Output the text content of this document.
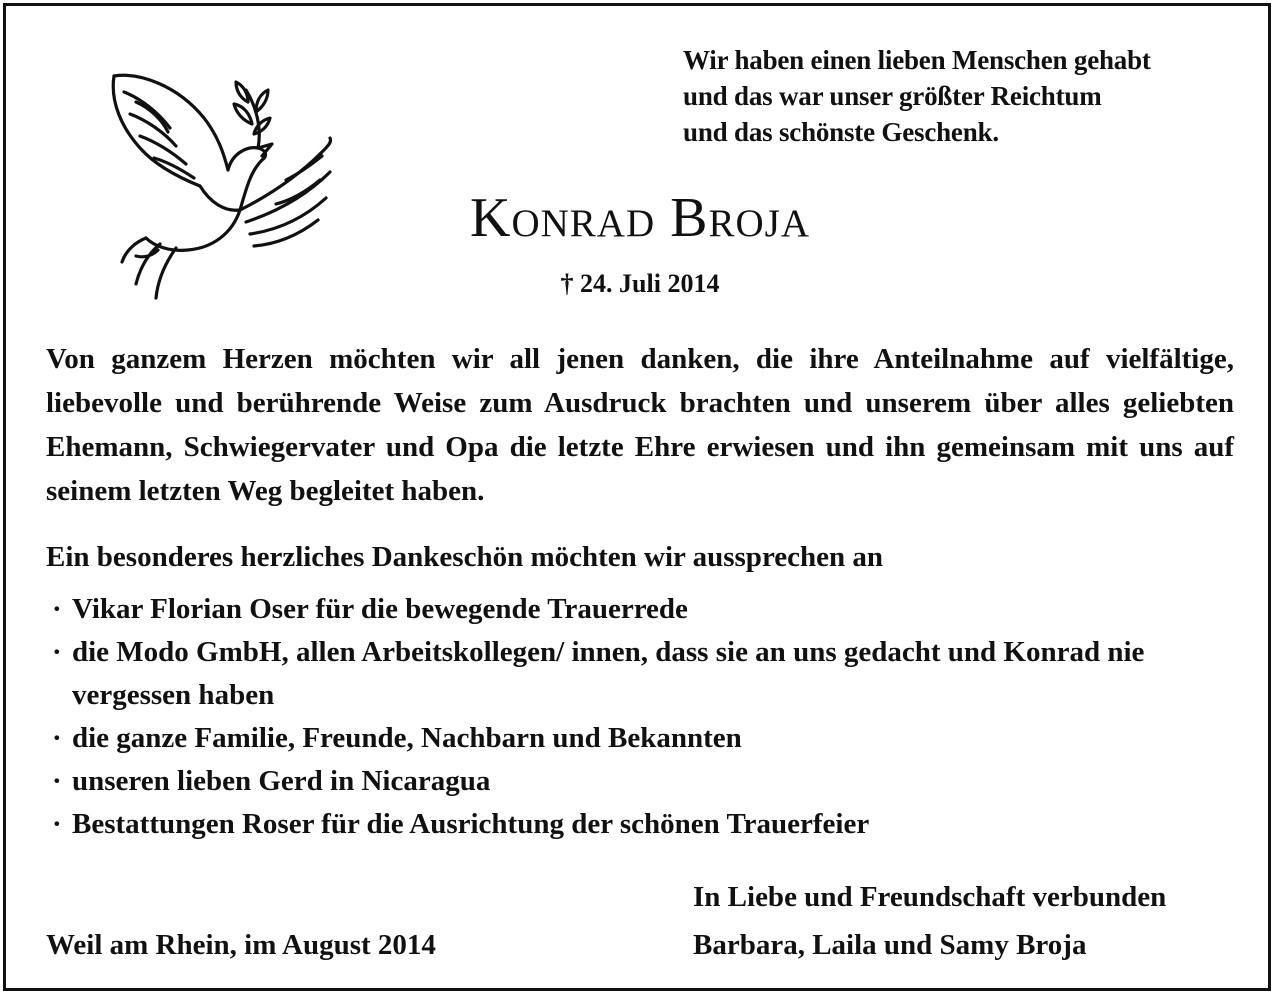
Wir haben einen lieben Menschen gehabt
und das war unser größter Reichtum
und das schönste Geschenk.
Konrad Broja
† 24. Juli 2014
Von ganzem Herzen möchten wir all jenen danken, die ihre Anteilnahme auf vielfältige, liebevolle und berührende Weise zum Ausdruck brachten und unserem über alles geliebten Ehemann, Schwiegervater und Opa die letzte Ehre erwiesen und ihn gemeinsam mit uns auf seinem letzten Weg begleitet haben.
Ein besonderes herzliches Dankeschön möchten wir aussprechen an
· Vikar Florian Oser für die bewegende Trauerrede
· die Modo GmbH, allen Arbeitskollegen/ innen, dass sie an uns gedacht und Konrad nie vergessen haben
· die ganze Familie, Freunde, Nachbarn und Bekannten
· unseren lieben Gerd in Nicaragua
· Bestattungen Roser für die Ausrichtung der schönen Trauerfeier
In Liebe und Freundschaft verbunden
Barbara, Laila und Samy Broja
Weil am Rhein, im August 2014
